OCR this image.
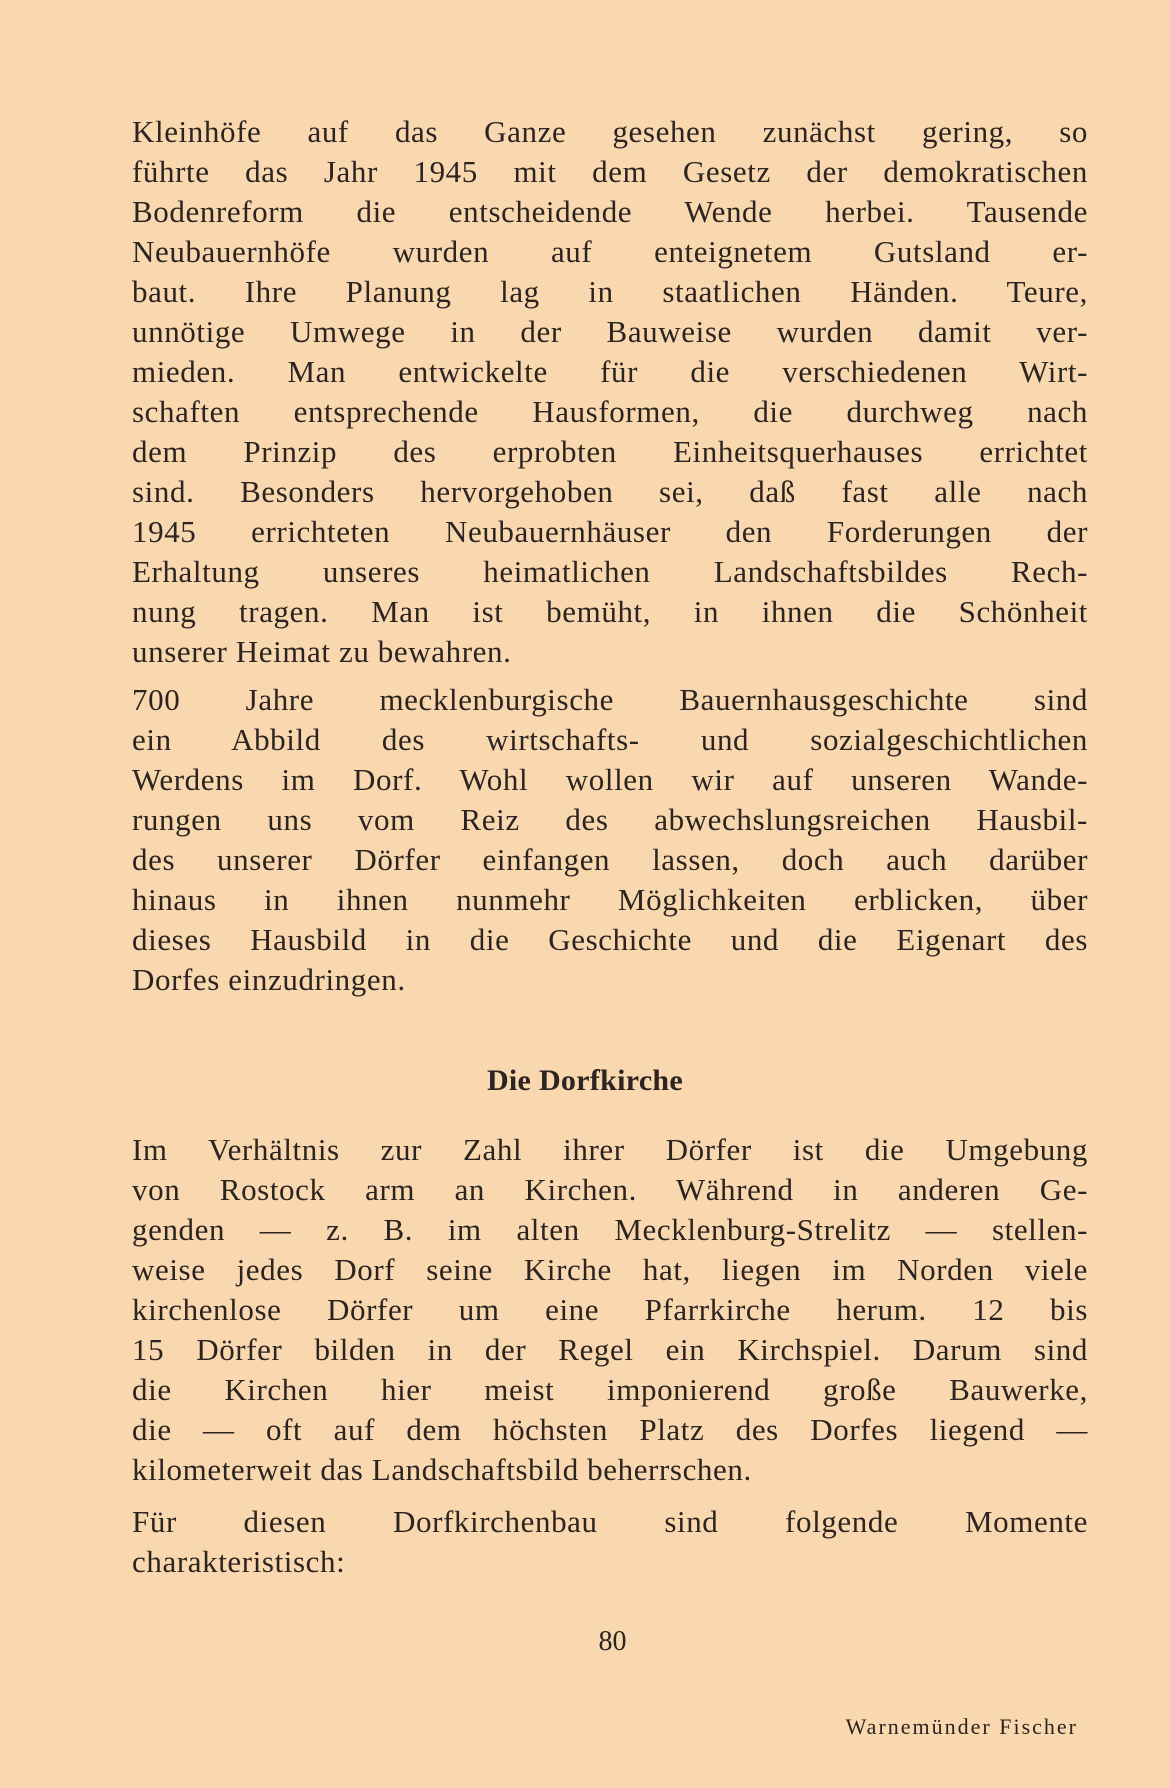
Kleinhöfe auf das Ganze gesehen zunächst gering, so
führte das Jahr 1945 mit dem Gesetz der demokratischen
Bodenreform die entscheidende Wende herbei. Tausende
Neubauernhöfe wurden auf enteignetem Gutsland er-
baut. Ihre Planung lag in staatlichen Händen. Teure,
unnötige Umwege in der Bauweise wurden damit ver-
mieden. Man entwickelte für die verschiedenen Wirt-
schaften entsprechende Hausformen, die durchweg nach
dem Prinzip des erprobten Einheitsquerhauses errichtet
sind. Besonders hervorgehoben sei, daß fast alle nach
1945 errichteten Neubauernhäuser den Forderungen der
Erhaltung unseres heimatlichen Landschaftsbildes Rech-
nung tragen. Man ist bemüht, in ihnen die Schönheit
unserer Heimat zu bewahren.

700 Jahre mecklenburgische Bauernhausgeschichte sind
ein Abbild des wirtschafts- und sozialgeschichtlichen
Werdens im Dorf. Wohl wollen wir auf unseren Wande-
rungen uns vom Reiz des abwechslungsreichen Hausbil-
des unserer Dörfer einfangen lassen, doch auch darüber
hinaus in ihnen nunmehr Möglichkeiten erblicken, über
dieses Hausbild in die Geschichte und die Eigenart des
Dorfes einzudringen.

Die Dorfkirche

Im Verhältnis zur Zahl ihrer Dörfer ist die Umgebung
von Rostock arm an Kirchen. Während in anderen Ge-
genden — z. B. im alten Mecklenburg-Strelitz — stellen-
weise jedes Dorf seine Kirche hat, liegen im Norden viele
kirchenlose Dörfer um eine Pfarrkirche herum. 12 bis
15 Dörfer bilden in der Regel ein Kirchspiel. Darum sind
die Kirchen hier meist imponierend große Bauwerke,
die — oft auf dem höchsten Platz des Dorfes liegend —
kilometerweit das Landschaftsbild beherrschen.

Für diesen Dorfkirchenbau sind folgende Momente
charakteristisch:

80

Warnemünder Fischer
